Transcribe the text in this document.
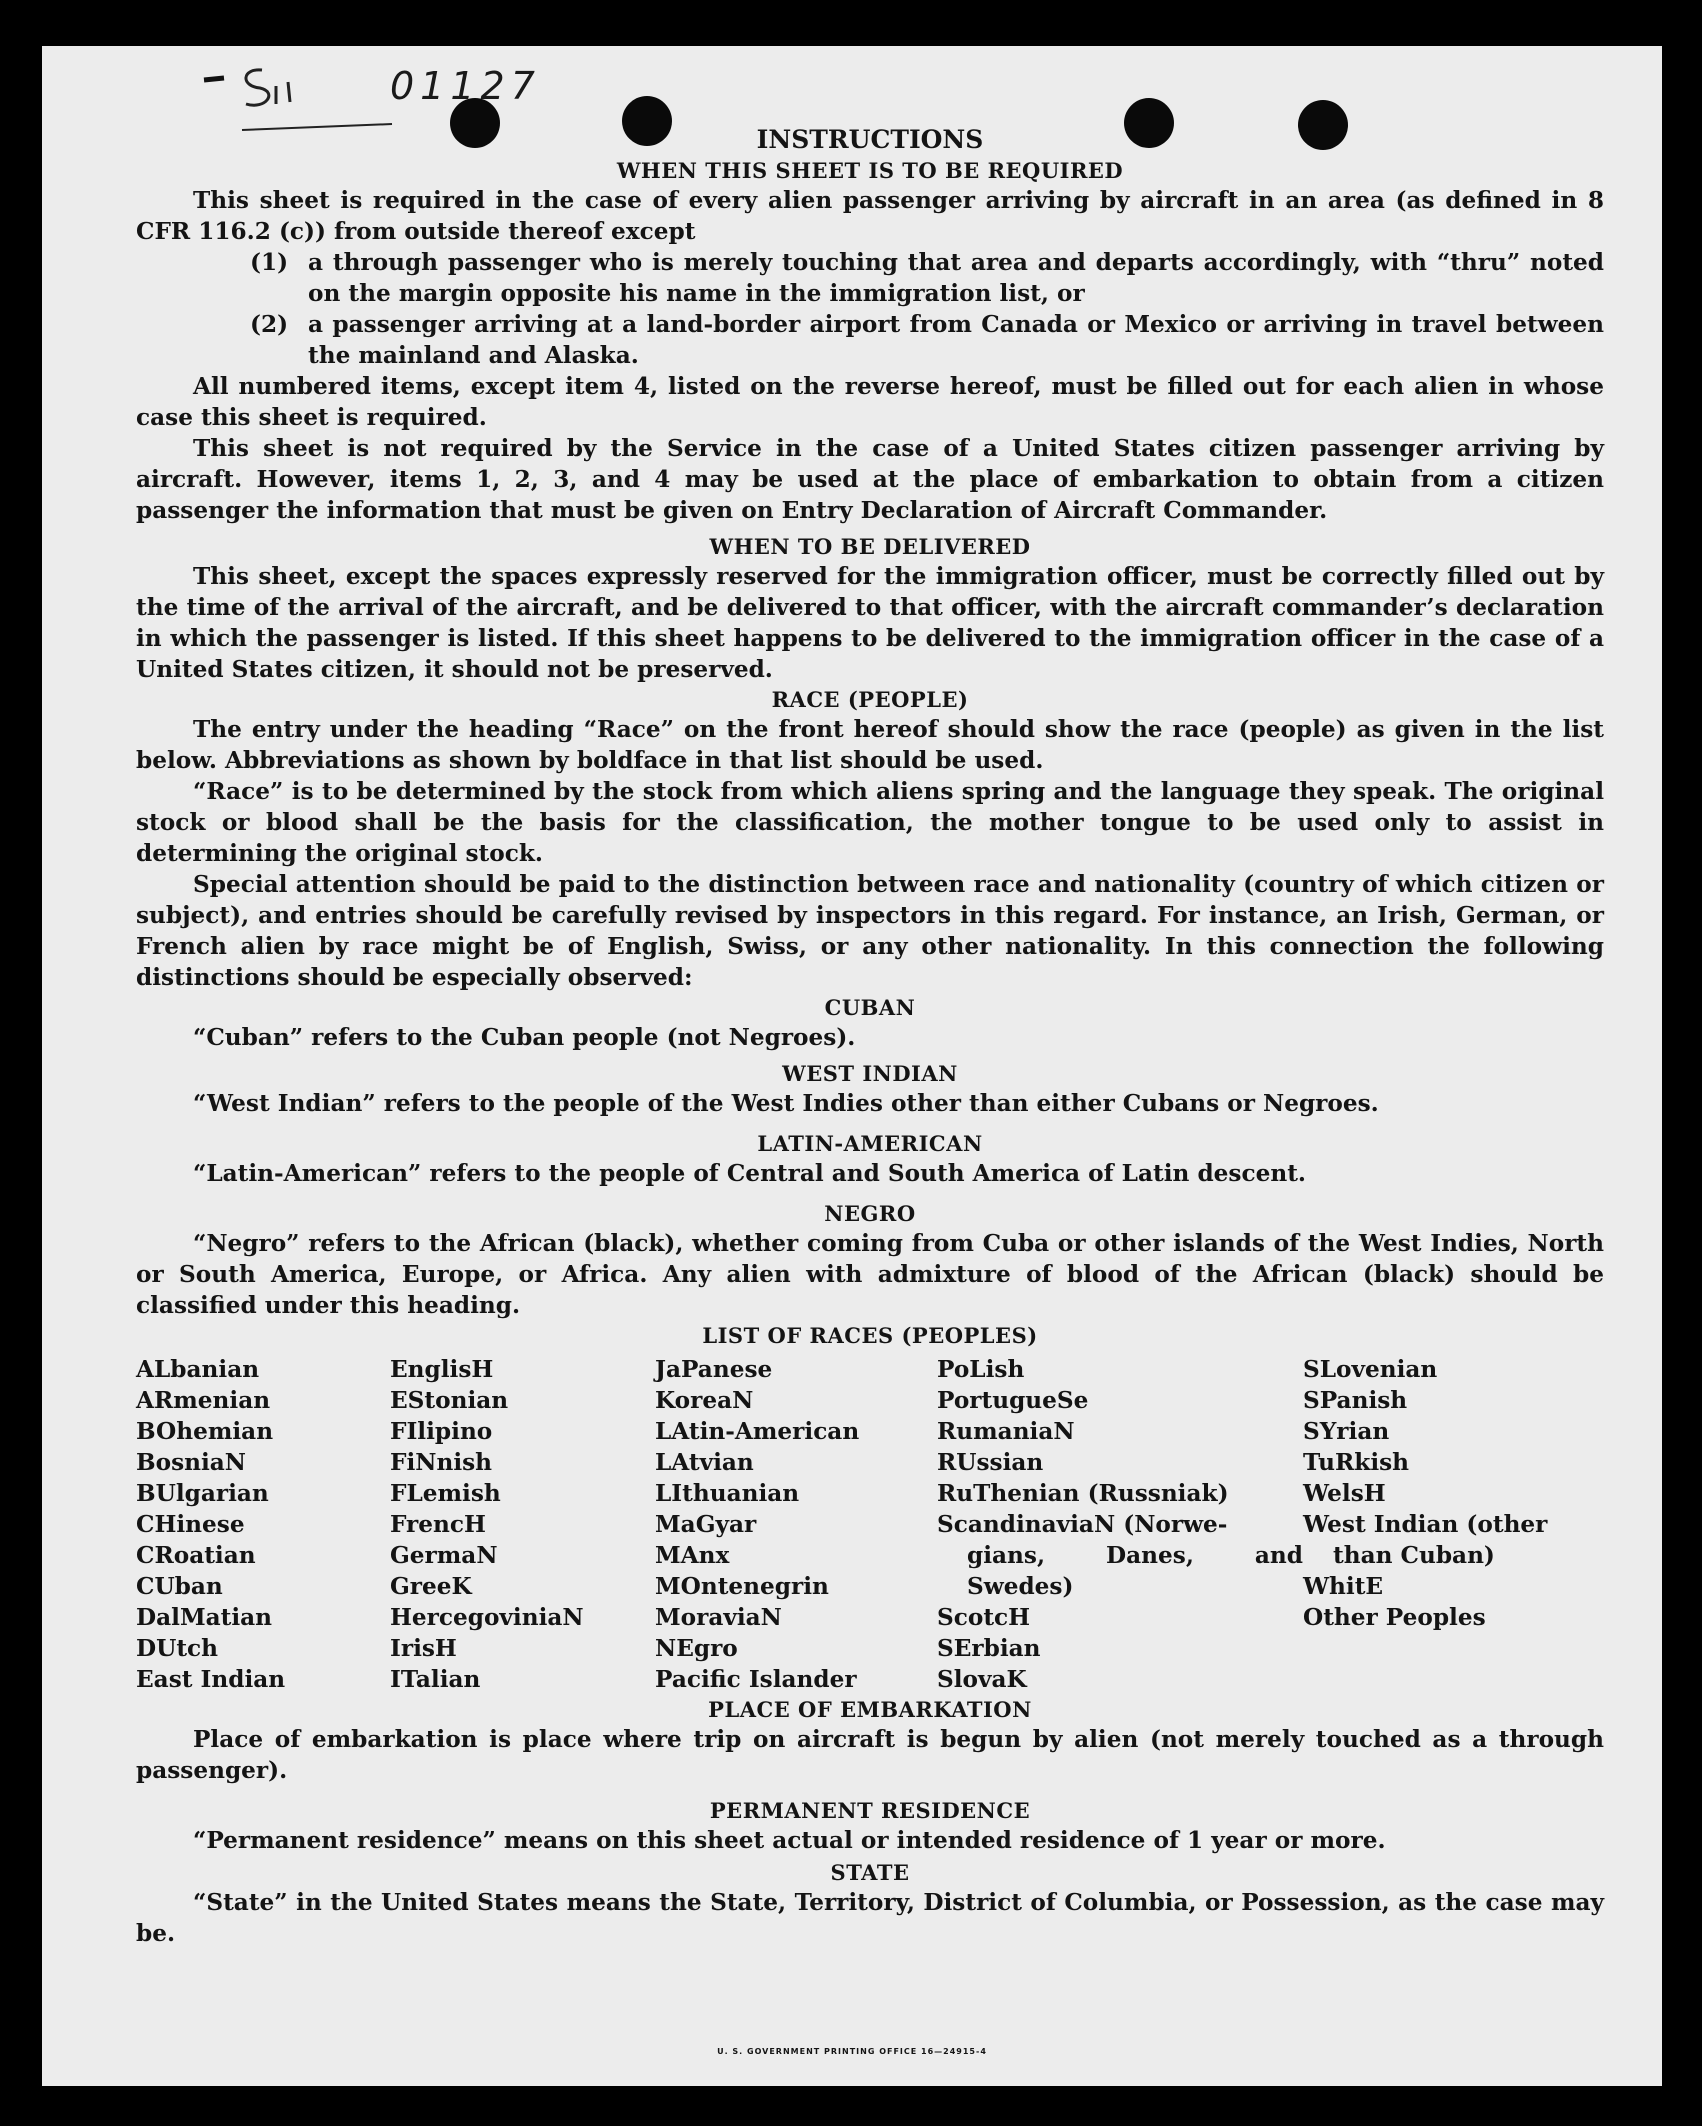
01127
INSTRUCTIONS
WHEN THIS SHEET IS TO BE REQUIRED

This sheet is required in the case of every alien passenger arriving by aircraft in an area (as defined in 8 CFR 116.2 (c)) from outside thereof except

(1) a through passenger who is merely touching that area and departs accordingly, with “thru” noted on the margin opposite his name in the immigration list, or

(2) a passenger arriving at a land-border airport from Canada or Mexico or arriving in travel between the mainland and Alaska.

All numbered items, except item 4, listed on the reverse hereof, must be filled out for each alien in whose case this sheet is required.

This sheet is not required by the Service in the case of a United States citizen passenger arriving by aircraft. However, items 1, 2, 3, and 4 may be used at the place of embarkation to obtain from a citizen passenger the information that must be given on Entry Declaration of Aircraft Commander.

WHEN TO BE DELIVERED

This sheet, except the spaces expressly reserved for the immigration officer, must be correctly filled out by the time of the arrival of the aircraft, and be delivered to that officer, with the aircraft commander’s declaration in which the passenger is listed. If this sheet happens to be delivered to the immigration officer in the case of a United States citizen, it should not be preserved.

RACE (PEOPLE)

The entry under the heading “Race” on the front hereof should show the race (people) as given in the list below. Abbreviations as shown by boldface in that list should be used.

“Race” is to be determined by the stock from which aliens spring and the language they speak. The original stock or blood shall be the basis for the classification, the mother tongue to be used only to assist in determining the original stock.

Special attention should be paid to the distinction between race and nationality (country of which citizen or subject), and entries should be carefully revised by inspectors in this regard. For instance, an Irish, German, or French alien by race might be of English, Swiss, or any other nationality. In this connection the following distinctions should be especially observed:

CUBAN

“Cuban” refers to the Cuban people (not Negroes).

WEST INDIAN

“West Indian” refers to the people of the West Indies other than either Cubans or Negroes.

LATIN-AMERICAN

“Latin-American” refers to the people of Central and South America of Latin descent.

NEGRO

“Negro” refers to the African (black), whether coming from Cuba or other islands of the West Indies, North or South America, Europe, or Africa. Any alien with admixture of blood of the African (black) should be classified under this heading.

LIST OF RACES (PEOPLES)
ALbanian
ARmenian
BOhemian
BosniaN
BUlgarian
CHinese
CRoatian
CUban
DalMatian
DUtch
East Indian
EnglisH
EStonian
FIlipino
FiNnish
FLemish
FrencH
GermaN
GreeK
HercegoviniaN
IrisH
ITalian
JaPanese
KoreaN
LAtin-American
LAtvian
LIthuanian
MaGyar
MAnx
MOntenegrin
MoraviaN
NEgro
Pacific Islander
PoLish
PortugueSe
RumaniaN
RUssian
RuThenian (Russniak)
ScandinaviaN (Norwe-
gians, Danes, and
Swedes)
ScotcH
SErbian
SlovaK
SLovenian
SPanish
SYrian
TuRkish
WelsH
West Indian (other
than Cuban)
WhitE
Other Peoples
PLACE OF EMBARKATION

Place of embarkation is place where trip on aircraft is begun by alien (not merely touched as a through passenger).

PERMANENT RESIDENCE

“Permanent residence” means on this sheet actual or intended residence of 1 year or more.

STATE

“State” in the United States means the State, Territory, District of Columbia, or Possession, as the case may be.

U. S. GOVERNMENT PRINTING OFFICE 16—24915-4
